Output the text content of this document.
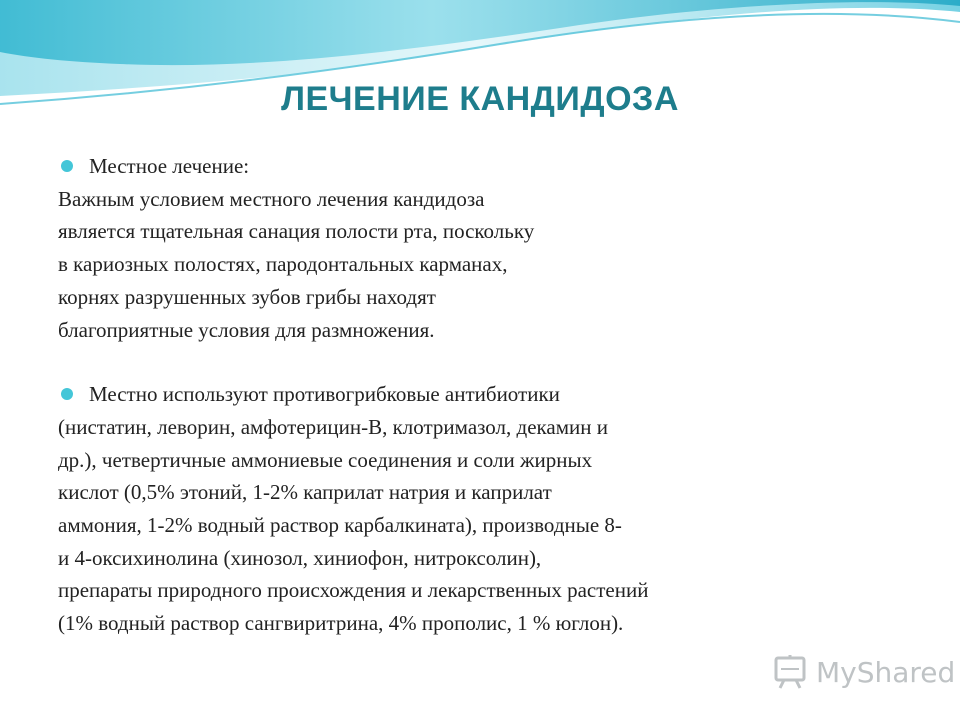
ЛЕЧЕНИЕ КАНДИДОЗА
Местное лечение:
Важным условием местного лечения кандидоза
является тщательная санация полости рта, поскольку
в кариозных полостях, пародонтальных карманах,
корнях разрушенных зубов грибы находят
благоприятные условия для размножения.
Местно используют противогрибковые антибиотики
(нистатин, леворин, амфотерицин-В, клотримазол, декамин и
др.), четвертичные аммониевые соединения и соли жирных
кислот (0,5% этоний, 1-2% каприлат натрия и каприлат
аммония, 1-2% водный раствор карбалкината), производные 8-
и 4-оксихинолина (хинозол, хиниофон, нитроксолин),
препараты природного происхождения и лекарственных растений
(1% водный раствор сангвиритрина, 4% прополис, 1 % юглон).
MyShared
